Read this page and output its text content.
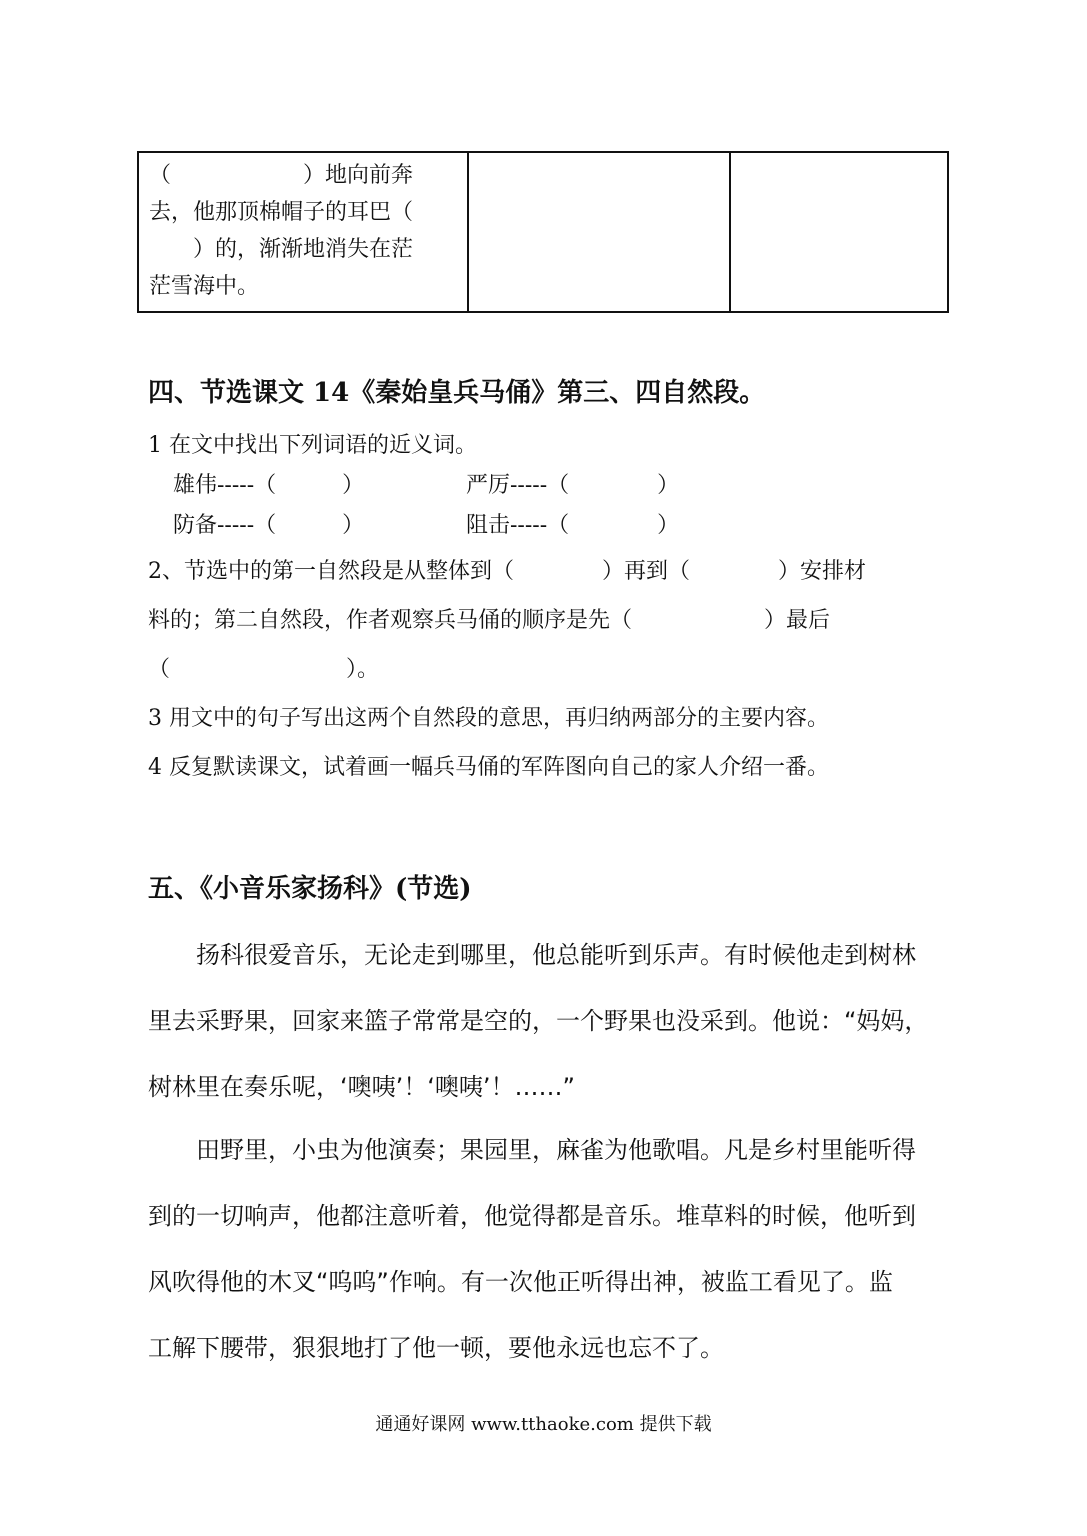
（　　　　　　）地向前奔
去，他那顶棉帽子的耳巴（
　　）的，渐渐地消失在茫
茫雪海中。
四、节选课文 14《秦始皇兵马俑》第三、四自然段。
1 在文中找出下列词语的近义词。
雄伟-----（　　　）	严厉-----（　　　　）
防备-----（　　　）	阻击-----（　　　　）
2、节选中的第一自然段是从整体到（　　　　）再到（　　　　）安排材
料的；第二自然段，作者观察兵马俑的顺序是先（　　　　　　）最后
（　　　　　　　　）。
3 用文中的句子写出这两个自然段的意思，再归纳两部分的主要内容。
4 反复默读课文，试着画一幅兵马俑的军阵图向自己的家人介绍一番。
五、《小音乐家扬科》(节选)
　　扬科很爱音乐，无论走到哪里，他总能听到乐声。有时候他走到树林
里去采野果，回家来篮子常常是空的，一个野果也没采到。他说：“妈妈，
树林里在奏乐呢，‘噢咦’！‘噢咦’！……”
　　田野里，小虫为他演奏；果园里，麻雀为他歌唱。凡是乡村里能听得
到的一切响声，他都注意听着，他觉得都是音乐。堆草料的时候，他听到
风吹得他的木叉“呜呜”作响。有一次他正听得出神，被监工看见了。监
工解下腰带，狠狠地打了他一顿，要他永远也忘不了。
通通好课网 www.tthaoke.com 提供下载
